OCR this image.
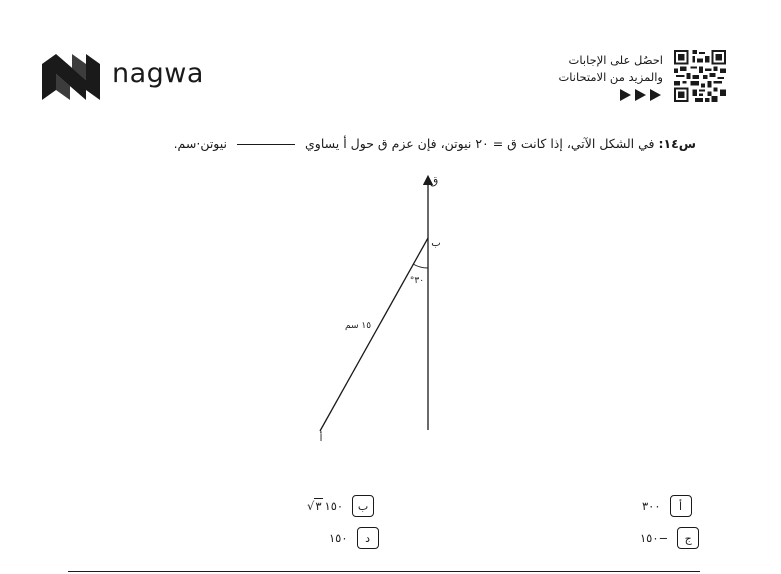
nagwa	احصُل على الإجابات
والمزيد من الامتحانات
س١٤: في الشكل الآتي، إذا كانت ق = ٢٠ نيوتن، فإن عزم ق حول أ يساوي  نيوتن·سم.
ق
ب
°٣٠
١٥ سم
أ
أ
٣٠٠
ب
√٣ ١٥٠
ج
−١٥٠
د
١٥٠
